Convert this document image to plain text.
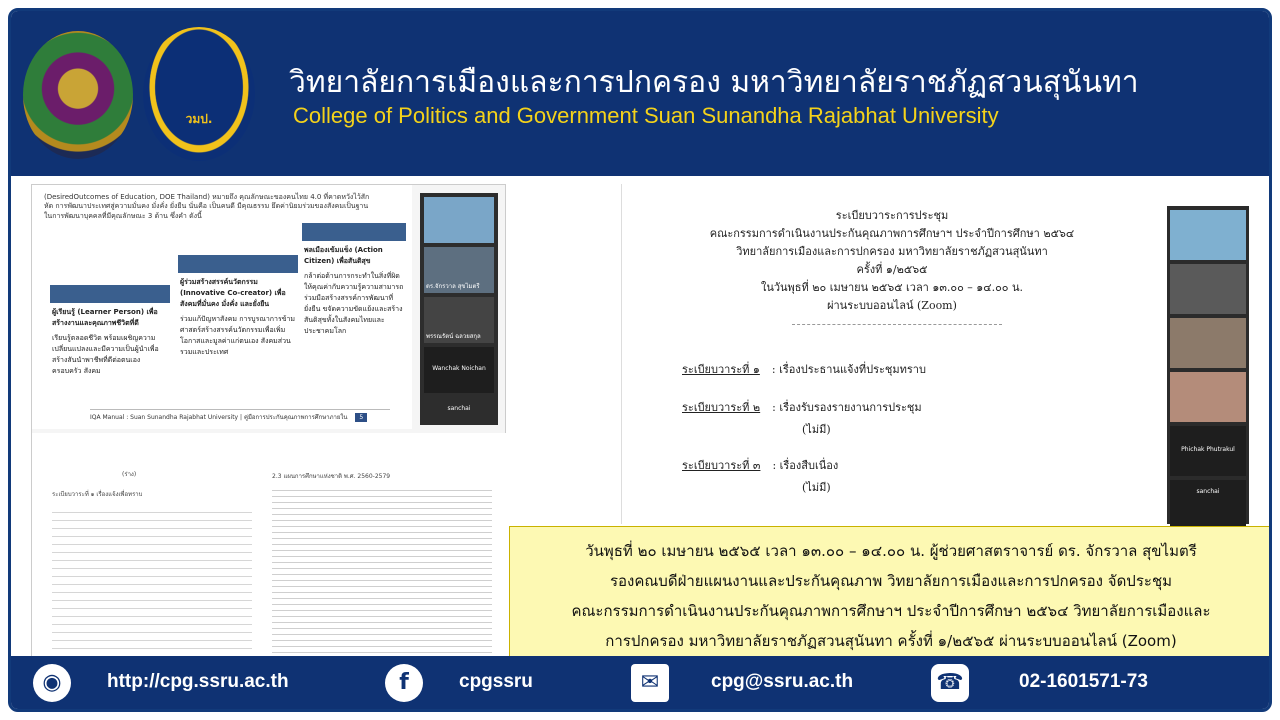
วมป.
วิทยาลัยการเมืองและการปกครอง มหาวิทยาลัยราชภัฏสวนสุนันทา
College of Politics and Government Suan Sunandha Rajabhat University
(DesiredOutcomes of Education, DOE Thailand) หมายถึง คุณลักษณะของคนไทย 4.0 ที่คาดหวังไว้สักหัด การพัฒนาประเทศสู่ความมั่นคง มั่งคั่ง ยั่งยืน นั่นคือ เป็นคนดี มีคุณธรรม ยึดค่านิยมร่วมของสังคมเป็นฐานในการพัฒนาบุคคลที่มีคุณลักษณะ 3 ด้าน ซึ่งคำ ดังนี้
ผู้เรียนรู้ (Learner Person) เพื่อสร้างงานและคุณภาพชีวิตที่ดี
เรียนรู้ตลอดชีวิต พร้อมเผชิญความเปลี่ยนแปลงและมีความเป็นผู้นำเพื่อสร้างสันนำพาชีพที่ดีต่อตนเอง ครอบครัว สังคม
ผู้ร่วมสร้างสรรค์นวัตกรรม (Innovative Co-creator) เพื่อสังคมที่มั่นคง มั่งคั่ง และยั่งยืน
ร่วมแก้ปัญหาสังคม การบูรณาการข้ามศาสตร์สร้างสรรค์นวัตกรรมเพื่อเพิ่มโอกาสและมูลค่าแก่ตนเอง สังคมส่วนรวมและประเทศ
พลเมืองเข้มแข็ง (Action Citizen) เพื่อสันติสุข
กล้าต่อต้านการกระทำในสิ่งที่ผิด ให้คุณค่ากับความรู้ความสามารถ ร่วมมือสร้างสรรค์การพัฒนาที่ยั่งยืน ขจัดความขัดแย้งและสร้างสันติสุขทั้งในสังคมไทยและประชาคมโลก
IQA Manual : Suan Sunandha Rajabhat University | คู่มือการประกันคุณภาพการศึกษาภายใน 5
ดร.จักรวาล สุขไมตรี
พรรณรัตน์ ฉลวยสกุล
Wanchak Noichan
sanchai
(ร่าง)
ระเบียบวาระที่ ๑ เรื่องแจ้งเพื่อทราบ
2.3 แผนการศึกษาแห่งชาติ พ.ศ. 2560-2579
ระเบียบวาระการประชุม
คณะกรรมการดำเนินงานประกันคุณภาพการศึกษาฯ ประจำปีการศึกษา ๒๕๖๔
วิทยาลัยการเมืองและการปกครอง มหาวิทยาลัยราชภัฏสวนสุนันทา
ครั้งที่ ๑/๒๕๖๕
ในวันพุธที่ ๒๐ เมษายน ๒๕๖๕ เวลา ๑๓.๐๐ – ๑๔.๐๐ น.
ผ่านระบบออนไลน์ (Zoom)
ระเบียบวาระที่ ๑ : เรื่องประธานแจ้งที่ประชุมทราบ
ระเบียบวาระที่ ๒ : เรื่องรับรองรายงานการประชุม
(ไม่มี)
ระเบียบวาระที่ ๓ : เรื่องสืบเนื่อง
(ไม่มี)
Phichak Phutrakul
sanchai

วันพุธที่ ๒๐ เมษายน ๒๕๖๕ เวลา ๑๓.๐๐ – ๑๔.๐๐ น. ผู้ช่วยศาสตราจารย์ ดร. จักรวาล สุขไมตรี

รองคณบดีฝ่ายแผนงานและประกันคุณภาพ วิทยาลัยการเมืองและการปกครอง จัดประชุม

คณะกรรมการดำเนินงานประกันคุณภาพการศึกษาฯ ประจำปีการศึกษา ๒๕๖๔ วิทยาลัยการเมืองและ

การปกครอง มหาวิทยาลัยราชภัฏสวนสุนันทา ครั้งที่ ๑/๒๕๖๕ ผ่านระบบออนไลน์ (Zoom)

◉	http://cpg.ssru.ac.th	f	cpgssru	✉	cpg@ssru.ac.th	☎	02-1601571-73
